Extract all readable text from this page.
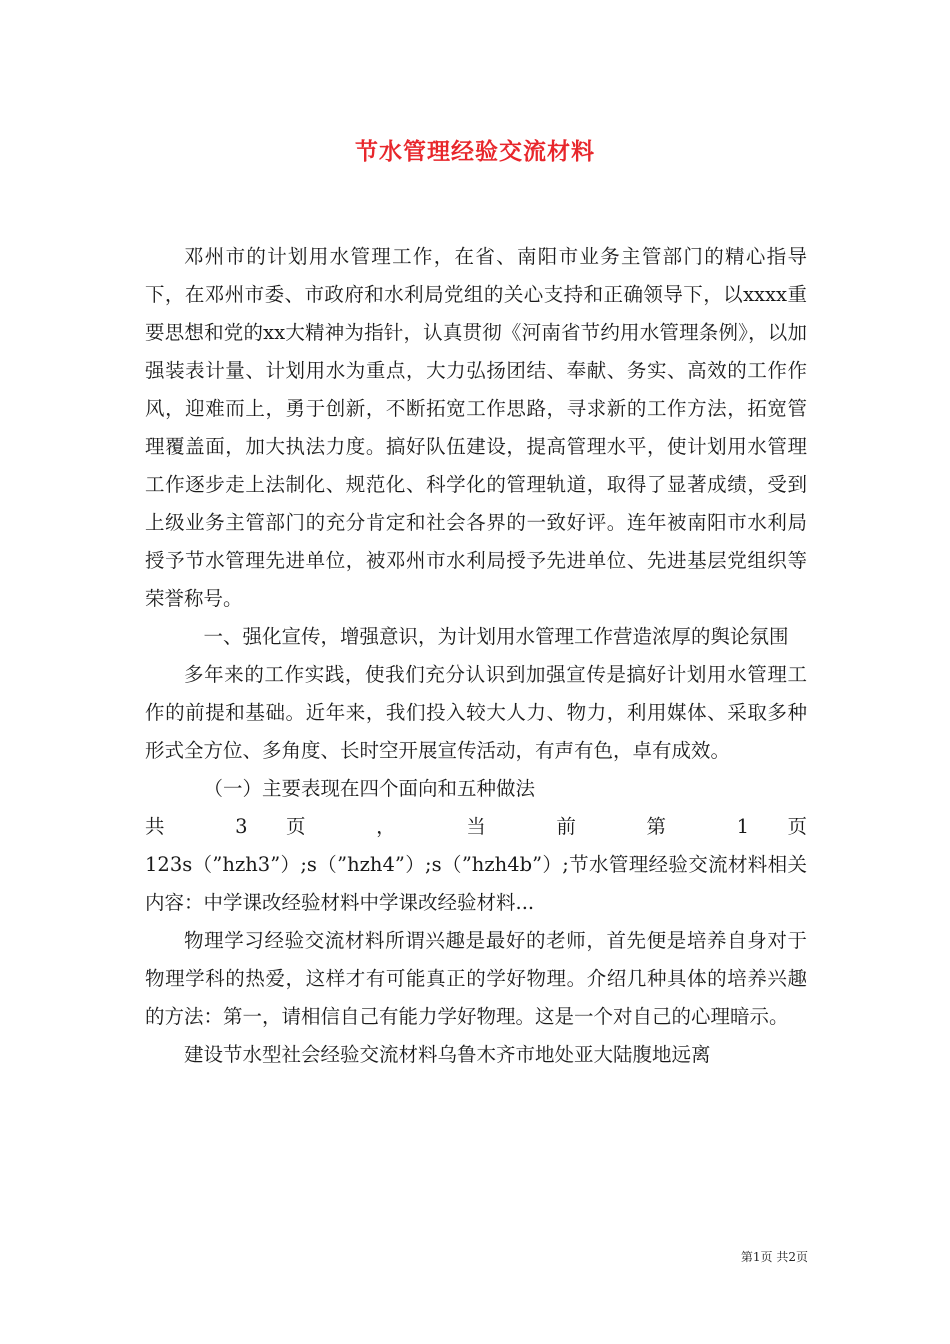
节水管理经验交流材料

邓州市的计划用水管理工作，在省、南阳市业务主管部门的精心指导下，在邓州市委、市政府和水利局党组的关心支持和正确领导下，以xxxx重要思想和党的xx大精神为指针，认真贯彻《河南省节约用水管理条例》，以加强装表计量、计划用水为重点，大力弘扬团结、奉献、务实、高效的工作作风，迎难而上，勇于创新，不断拓宽工作思路，寻求新的工作方法，拓宽管理覆盖面，加大执法力度。搞好队伍建设，提高管理水平，使计划用水管理工作逐步走上法制化、规范化、科学化的管理轨道，取得了显著成绩，受到上级业务主管部门的充分肯定和社会各界的一致好评。连年被南阳市水利局授予节水管理先进单位，被邓州市水利局授予先进单位、先进基层党组织等荣誉称号。

一、强化宣传，增强意识，为计划用水管理工作营造浓厚的舆论氛围

多年来的工作实践，使我们充分认识到加强宣传是搞好计划用水管理工作的前提和基础。近年来，我们投入较大人力、物力，利用媒体、采取多种形式全方位、多角度、长时空开展宣传活动，有声有色，卓有成效。

（一）主要表现在四个面向和五种做法

共 3 页 ， 当 前 第 1 页

123s（”hzh3”）;s（”hzh4”）;s（”hzh4b”）;节水管理经验交流材料相关内容：中学课改经验材料中学课改经验材料...

物理学习经验交流材料所谓兴趣是最好的老师，首先便是培养自身对于物理学科的热爱，这样才有可能真正的学好物理。介绍几种具体的培养兴趣的方法：第一，请相信自己有能力学好物理。这是一个对自己的心理暗示。

建设节水型社会经验交流材料乌鲁木齐市地处亚大陆腹地远离

第1页 共2页
